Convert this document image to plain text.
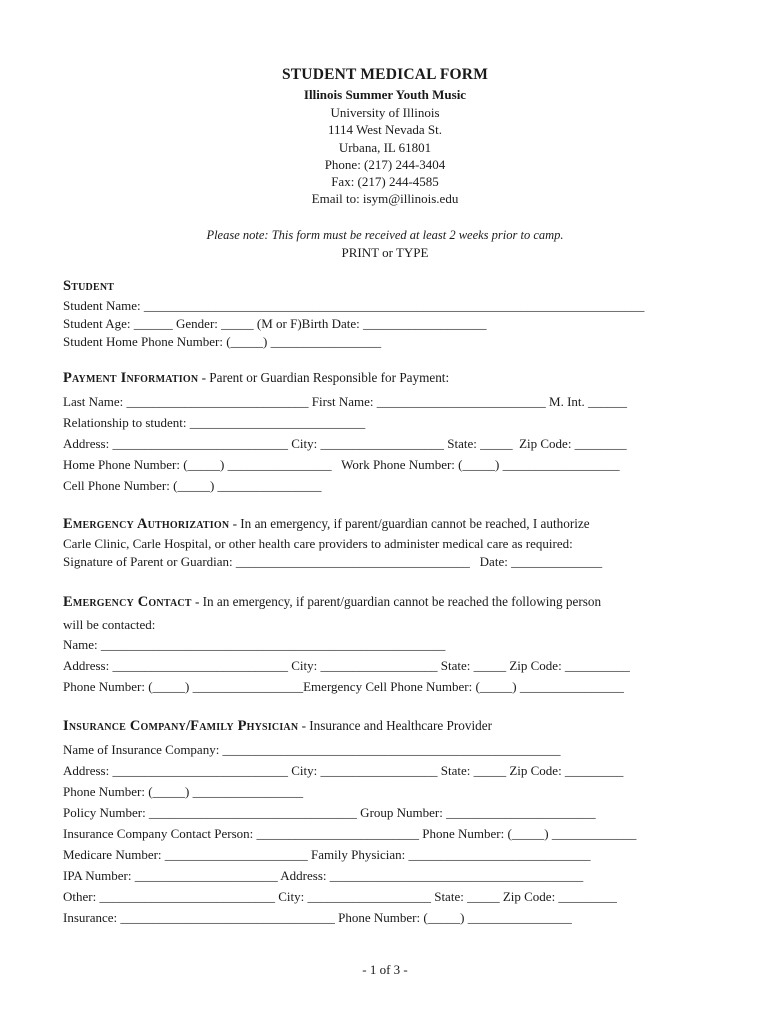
STUDENT MEDICAL FORM
Illinois Summer Youth Music
University of Illinois
1114 West Nevada St.
Urbana, IL 61801
Phone: (217) 244-3404
Fax: (217) 244-4585
Email to: isym@illinois.edu
Please note: This form must be received at least 2 weeks prior to camp.
PRINT or TYPE
Student
Student Name: _____________________________________________________________________________
Student Age: ______ Gender: _____ (M or F)Birth Date: ___________________
Student Home Phone Number: (_____) _________________
Payment Information - Parent or Guardian Responsible for Payment:
Last Name: ____________________________ First Name: __________________________ M. Int. ______
Relationship to student: ___________________________
Address: ___________________________ City: ___________________ State: _____  Zip Code: ________
Home Phone Number: (_____) ________________   Work Phone Number: (_____) __________________
Cell Phone Number: (_____) ________________
Emergency Authorization - In an emergency, if parent/guardian cannot be reached, I authorize
Carle Clinic, Carle Hospital, or other health care providers to administer medical care as required:
Signature of Parent or Guardian: ____________________________________   Date: ______________
Emergency Contact - In an emergency, if parent/guardian cannot be reached the following person
will be contacted:
Name: _____________________________________________________
Address: ___________________________ City: __________________ State: _____ Zip Code: __________
Phone Number: (_____) _________________Emergency Cell Phone Number: (_____) ________________
Insurance Company/Family Physician - Insurance and Healthcare Provider
Name of Insurance Company: ____________________________________________________
Address: ___________________________ City: __________________ State: _____ Zip Code: _________
Phone Number: (_____) _________________
Policy Number: ________________________________ Group Number: _______________________
Insurance Company Contact Person: _________________________ Phone Number: (_____) _____________
Medicare Number: ______________________ Family Physician: ____________________________
IPA Number: ______________________ Address: _______________________________________
Other: ___________________________ City: ___________________ State: _____ Zip Code: _________
Insurance: _________________________________ Phone Number: (_____) ________________
- 1 of 3 -
